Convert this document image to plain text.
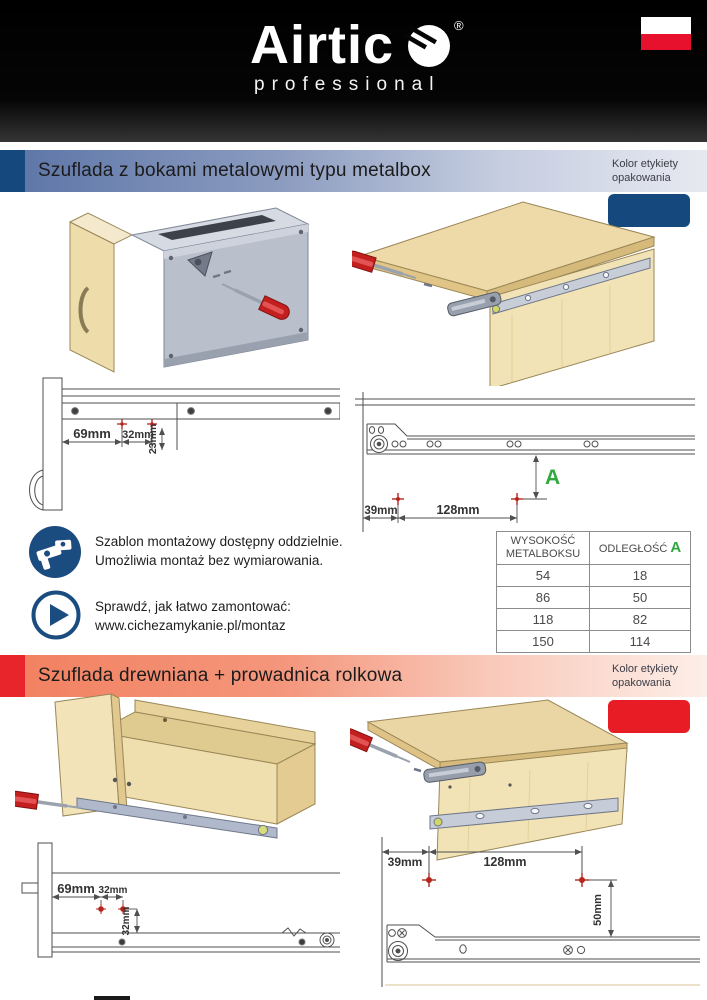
Airtic	®
professional
Szuflada z bokami metalowymi typu metalbox	Kolor etykiety opakowania
69mm 32mm
23mm
A
39mm	128mm
Szablon montażowy dostępny oddzielnie.
Umożliwia montaż bez wymiarowania.
Sprawdź, jak łatwo zamontować:
www.cichezamykanie.pl/montaz
WYSOKOŚĆ METALBOKSU	ODLEGŁOŚĆ A
54	18
86	50
118	82
150	114
Szuflada drewniana + prowadnica rolkowa	Kolor etykiety opakowania
69mm 32mm
32mm
39mm	128mm
50mm
